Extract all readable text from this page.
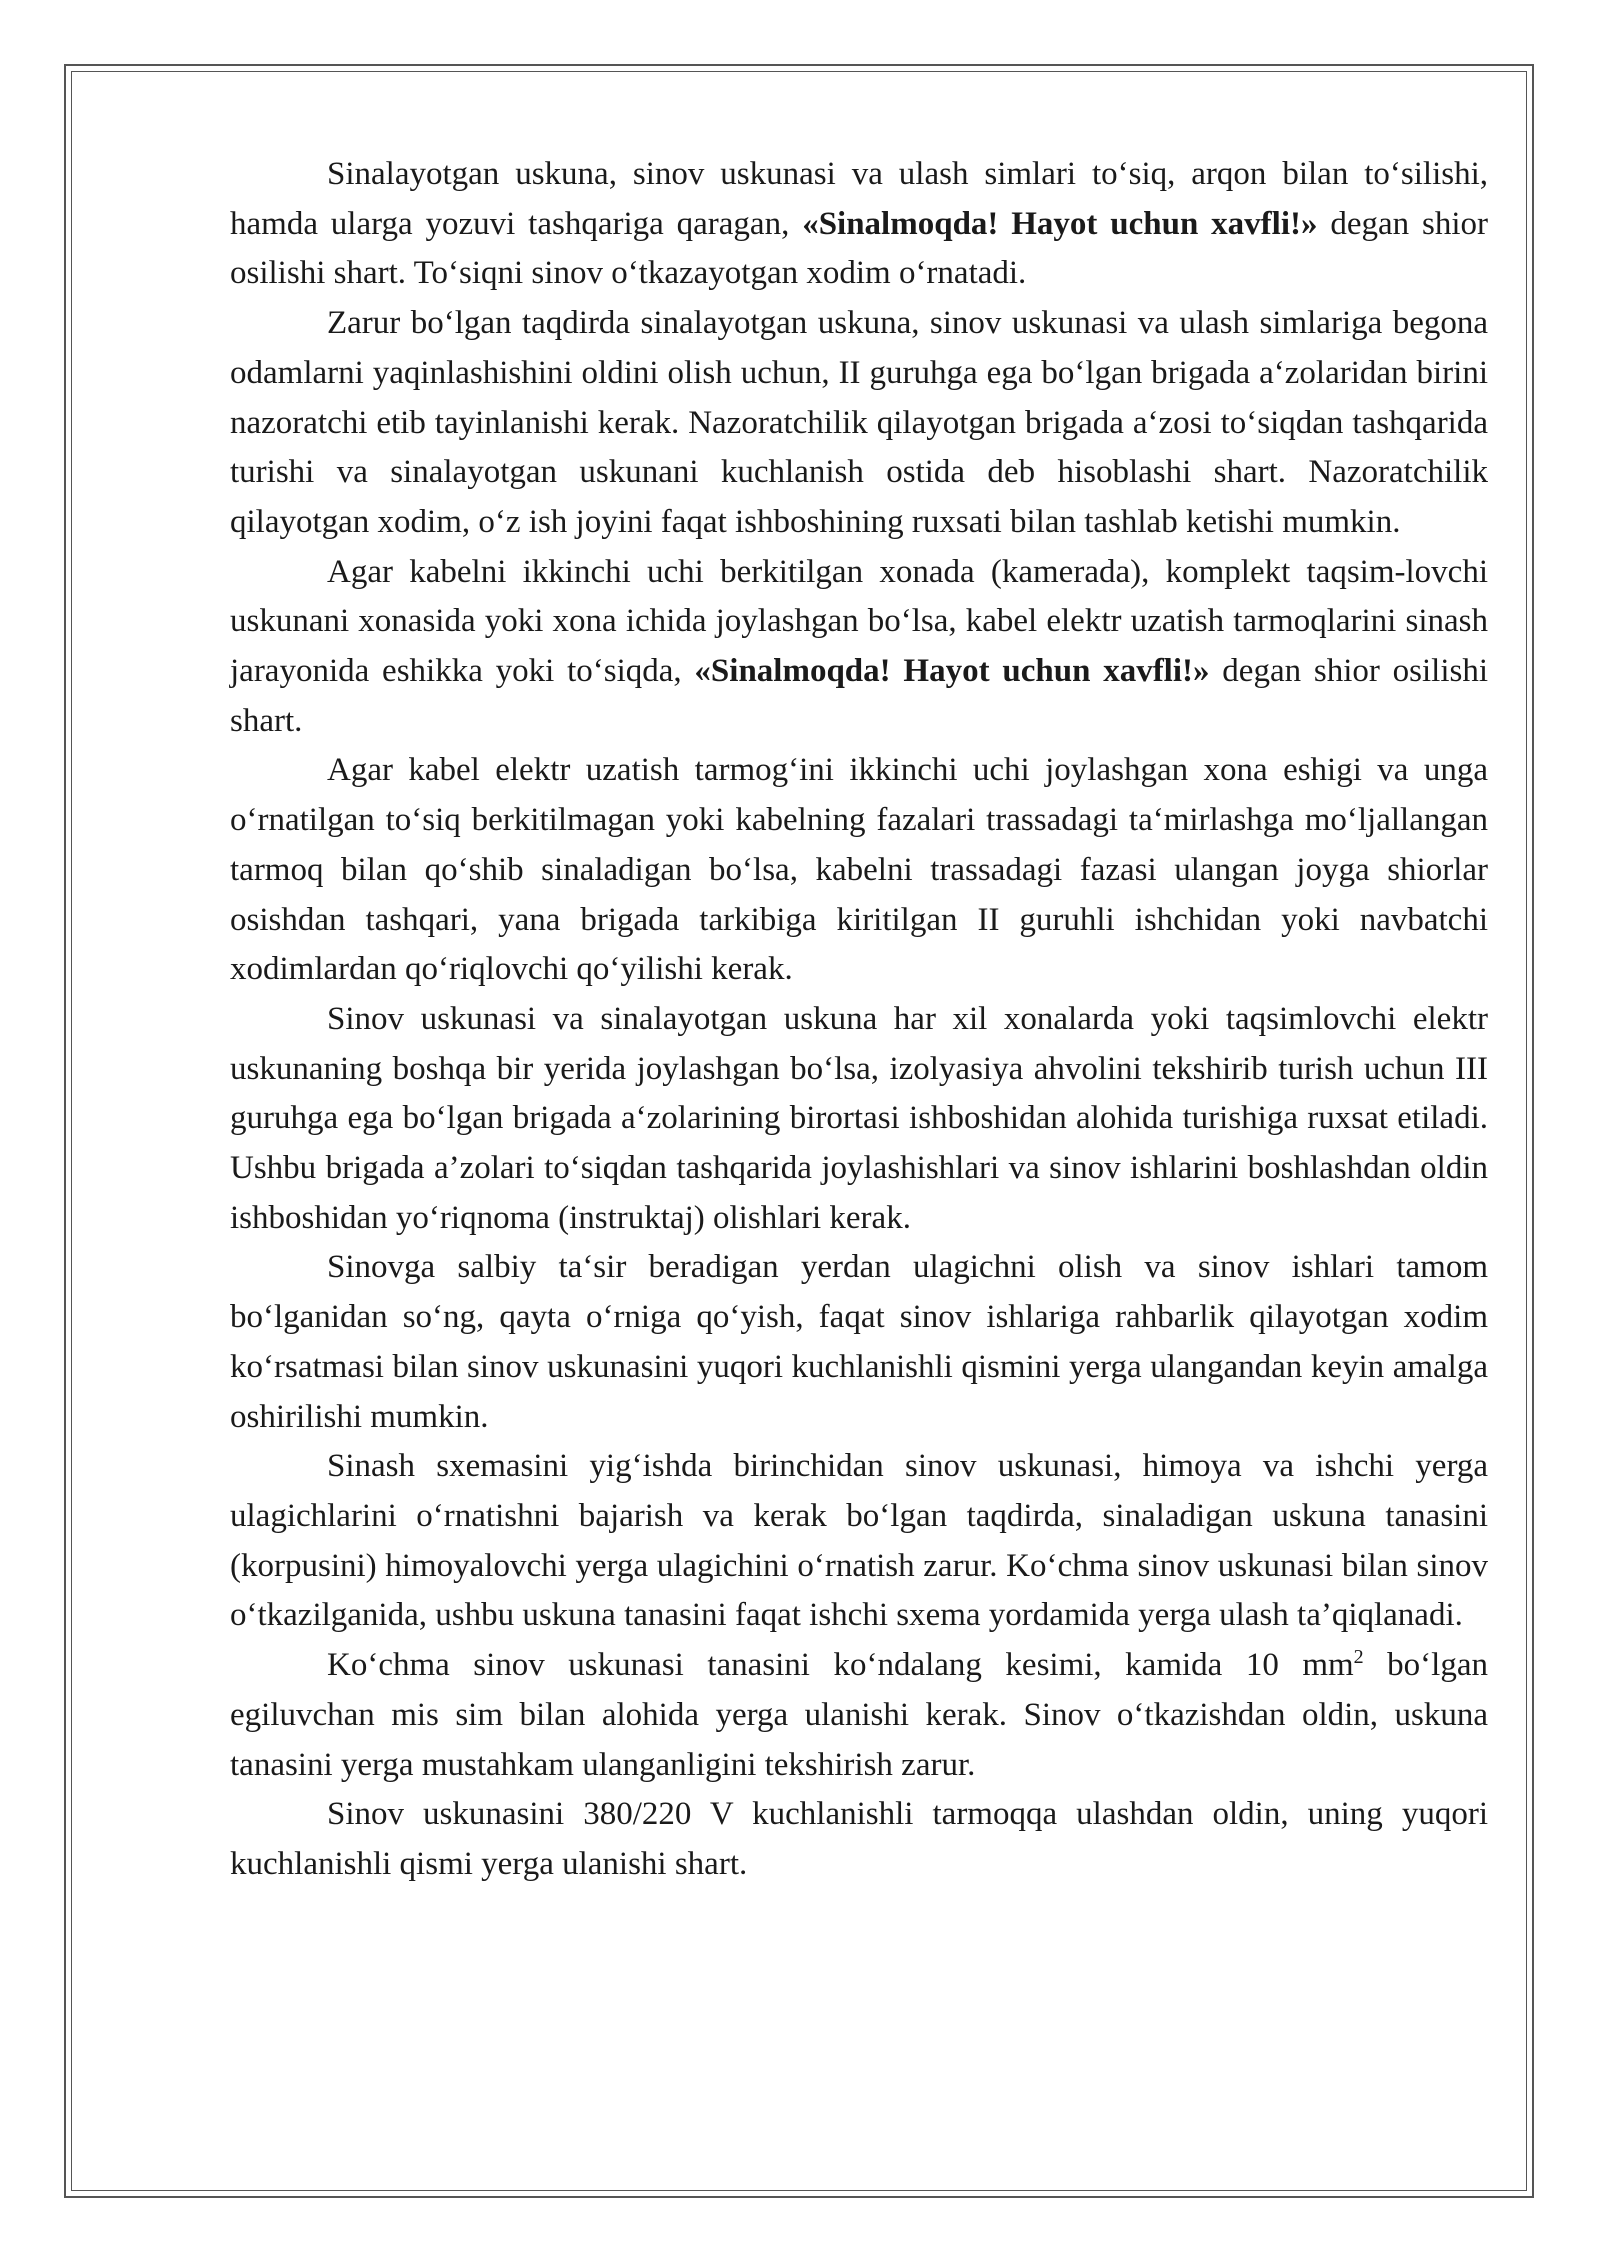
Sinalayotgan uskuna, sinov uskunasi va ulash simlari to‘siq, arqon bilan to‘silishi, hamda ularga yozuvi tashqariga qaragan, «Sinalmoqda! Hayot uchun xavfli!» degan shior osilishi shart. To‘siqni sinov o‘tkazayotgan xodim o‘rnatadi.

Zarur bo‘lgan taqdirda sinalayotgan uskuna, sinov uskunasi va ulash simlariga begona odamlarni yaqinlashishini oldini olish uchun, II guruhga ega bo‘lgan brigada a‘zolaridan birini nazoratchi etib tayinlanishi kerak. Nazoratchilik qilayotgan brigada a‘zosi to‘siqdan tashqarida turishi va sinalayotgan uskunani kuchlanish ostida deb hisoblashi shart. Nazoratchilik qilayotgan xodim, o‘z ish joyini faqat ishboshining ruxsati bilan tashlab ketishi mumkin.

Agar kabelni ikkinchi uchi berkitilgan xonada (kamerada), komplekt taqsim-lovchi uskunani xonasida yoki xona ichida joylashgan bo‘lsa, kabel elektr uzatish tarmoqlarini sinash jarayonida eshikka yoki to‘siqda, «Sinalmoqda! Hayot uchun xavfli!» degan shior osilishi shart.

Agar kabel elektr uzatish tarmog‘ini ikkinchi uchi joylashgan xona eshigi va unga o‘rnatilgan to‘siq berkitilmagan yoki kabelning fazalari trassadagi ta‘mirlashga mo‘ljallangan tarmoq bilan qo‘shib sinaladigan bo‘lsa, kabelni trassadagi fazasi ulangan joyga shiorlar osishdan tashqari, yana brigada tarkibiga kiritilgan II guruhli ishchidan yoki navbatchi xodimlardan qo‘riqlovchi qo‘yilishi kerak.

Sinov uskunasi va sinalayotgan uskuna har xil xonalarda yoki taqsimlovchi elektr uskunaning boshqa bir yerida joylashgan bo‘lsa, izolyasiya ahvolini tekshirib turish uchun III guruhga ega bo‘lgan brigada a‘zolarining birortasi ishboshidan alohida turishiga ruxsat etiladi. Ushbu brigada a’zolari to‘siqdan tashqarida joylashishlari va sinov ishlarini boshlashdan oldin ishboshidan yo‘riqnoma (instruktaj) olishlari kerak.

Sinovga salbiy ta‘sir beradigan yerdan ulagichni olish va sinov ishlari tamom bo‘lganidan so‘ng, qayta o‘rniga qo‘yish, faqat sinov ishlariga rahbarlik qilayotgan xodim ko‘rsatmasi bilan sinov uskunasini yuqori kuchlanishli qismini yerga ulangandan keyin amalga oshirilishi mumkin.

Sinash sxemasini yig‘ishda birinchidan sinov uskunasi, himoya va ishchi yerga ulagichlarini o‘rnatishni bajarish va kerak bo‘lgan taqdirda, sinaladigan uskuna tanasini (korpusini) himoyalovchi yerga ulagichini o‘rnatish zarur. Ko‘chma sinov uskunasi bilan sinov o‘tkazilganida, ushbu uskuna tanasini faqat ishchi sxema yordamida yerga ulash ta’qiqlanadi.

Ko‘chma sinov uskunasi tanasini ko‘ndalang kesimi, kamida 10 $mm^2$ bo‘lgan egiluvchan mis sim bilan alohida yerga ulanishi kerak. Sinov o‘tkazishdan oldin, uskuna tanasini yerga mustahkam ulanganligini tekshirish zarur.

Sinov uskunasini 380/220 V kuchlanishli tarmoqqa ulashdan oldin, uning yuqori kuchlanishli qismi yerga ulanishi shart.
